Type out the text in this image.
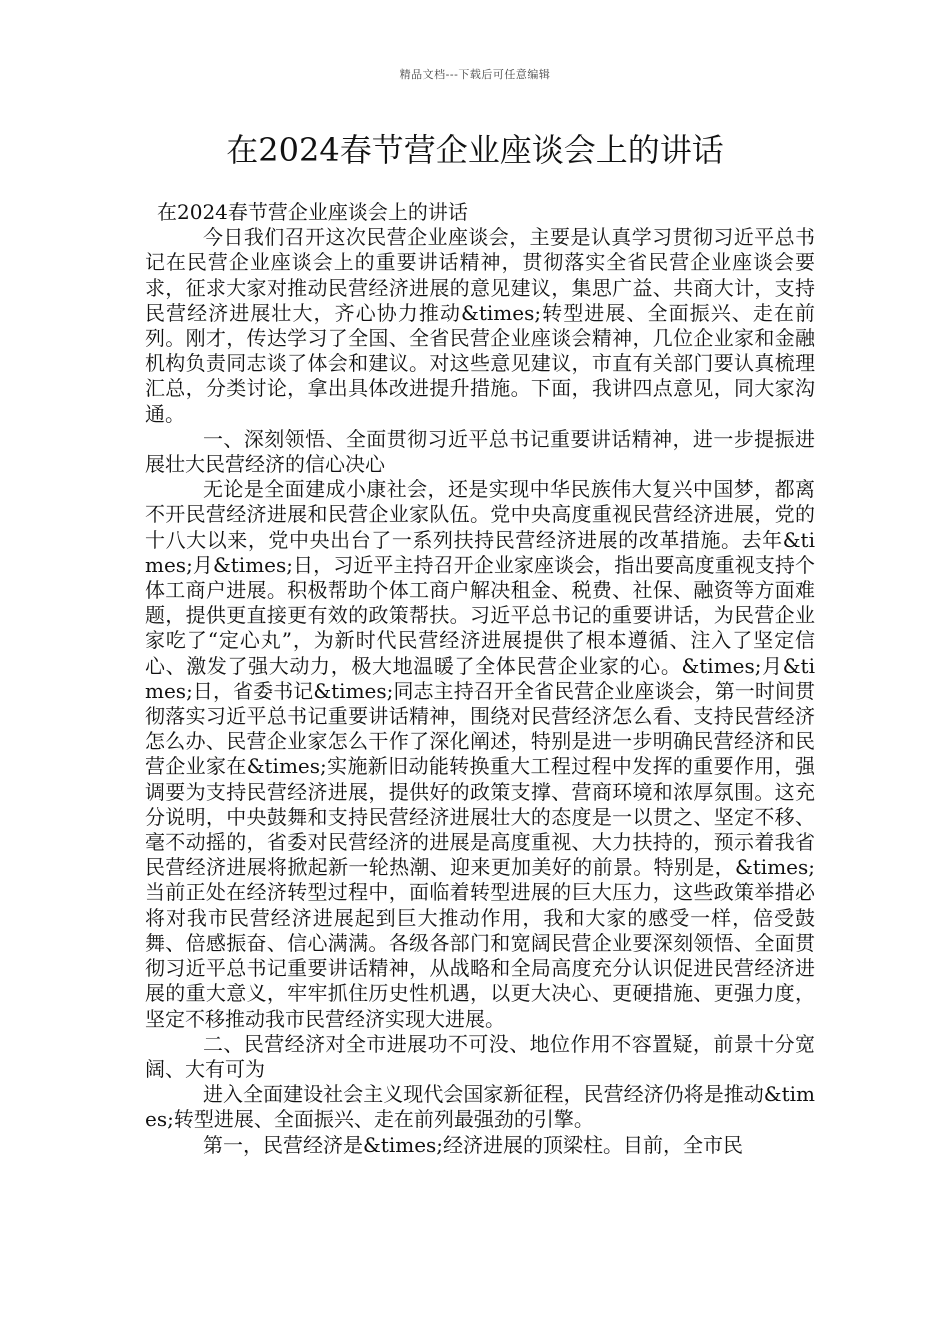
精品文档---下载后可任意编辑
在2024春节营企业座谈会上的讲话

在2024春节营企业座谈会上的讲话

今日我们召开这次民营企业座谈会，主要是认真学习贯彻习近平总书记在民营企业座谈会上的重要讲话精神，贯彻落实全省民营企业座谈会要求，征求大家对推动民营经济进展的意见建议，集思广益、共商大计，支持民营经济进展壮大，齐心协力推动&times;转型进展、全面振兴、走在前列。刚才，传达学习了全国、全省民营企业座谈会精神，几位企业家和金融机构负责同志谈了体会和建议。对这些意见建议，市直有关部门要认真梳理汇总，分类讨论，拿出具体改进提升措施。下面，我讲四点意见，同大家沟通。

一、深刻领悟、全面贯彻习近平总书记重要讲话精神，进一步提振进展壮大民营经济的信心决心

无论是全面建成小康社会，还是实现中华民族伟大复兴中国梦，都离不开民营经济进展和民营企业家队伍。党中央高度重视民营经济进展，党的十八大以来，党中央出台了一系列扶持民营经济进展的改革措施。去年&times;月&times;日，习近平主持召开企业家座谈会，指出要高度重视支持个体工商户进展。积极帮助个体工商户解决租金、税费、社保、融资等方面难题，提供更直接更有效的政策帮扶。习近平总书记的重要讲话，为民营企业家吃了“定心丸”，为新时代民营经济进展提供了根本遵循、注入了坚定信心、激发了强大动力，极大地温暖了全体民营企业家的心。&times;月&times;日，省委书记&times;同志主持召开全省民营企业座谈会，第一时间贯彻落实习近平总书记重要讲话精神，围绕对民营经济怎么看、支持民营经济怎么办、民营企业家怎么干作了深化阐述，特别是进一步明确民营经济和民营企业家在&times;实施新旧动能转换重大工程过程中发挥的重要作用，强调要为支持民营经济进展，提供好的政策支撑、营商环境和浓厚氛围。这充分说明，中央鼓舞和支持民营经济进展壮大的态度是一以贯之、坚定不移、毫不动摇的，省委对民营经济的进展是高度重视、大力扶持的，预示着我省民营经济进展将掀起新一轮热潮、迎来更加美好的前景。特别是，&times;当前正处在经济转型过程中，面临着转型进展的巨大压力，这些政策举措必将对我市民营经济进展起到巨大推动作用，我和大家的感受一样，倍受鼓舞、倍感振奋、信心满满。各级各部门和宽阔民营企业要深刻领悟、全面贯彻习近平总书记重要讲话精神，从战略和全局高度充分认识促进民营经济进展的重大意义，牢牢抓住历史性机遇，以更大决心、更硬措施、更强力度，坚定不移推动我市民营经济实现大进展。

二、民营经济对全市进展功不可没、地位作用不容置疑，前景十分宽阔、大有可为

进入全面建设社会主义现代会国家新征程，民营经济仍将是推动&times;转型进展、全面振兴、走在前列最强劲的引擎。

第一，民营经济是&times;经济进展的顶梁柱。目前，全市民
